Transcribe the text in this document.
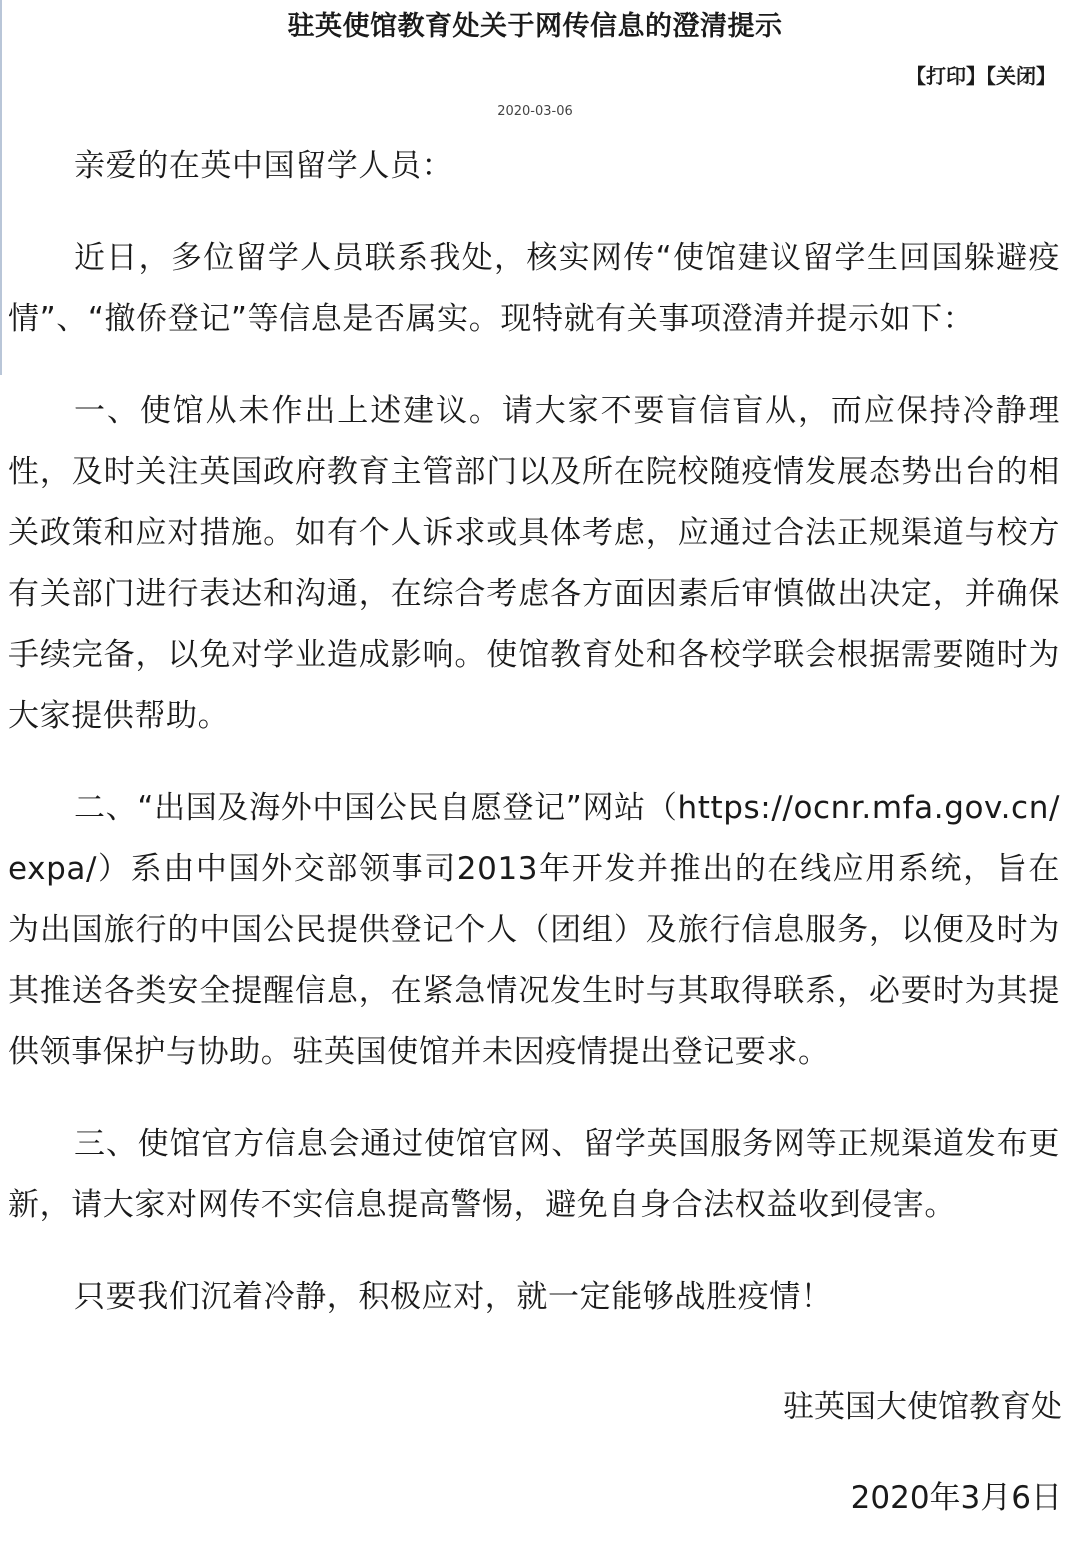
驻英使馆教育处关于网传信息的澄清提示
【打印】【关闭】
2020-03-06

亲爱的在英中国留学人员：

近日，多位留学人员联系我处，核实网传“使馆建议留学生回国躲避疫情”、“撤侨登记”等信息是否属实。现特就有关事项澄清并提示如下：

一、使馆从未作出上述建议。请大家不要盲信盲从，而应保持冷静理性，及时关注英国政府教育主管部门以及所在院校随疫情发展态势出台的相关政策和应对措施。如有个人诉求或具体考虑，应通过合法正规渠道与校方有关部门进行表达和沟通，在综合考虑各方面因素后审慎做出决定，并确保手续完备，以免对学业造成影响。使馆教育处和各校学联会根据需要随时为大家提供帮助。

二、“出国及海外中国公民自愿登记”网站（https://ocnr.mfa.gov.cn/expa/）系由中国外交部领事司2013年开发并推出的在线应用系统，旨在为出国旅行的中国公民提供登记个人（团组）及旅行信息服务，以便及时为其推送各类安全提醒信息，在紧急情况发生时与其取得联系，必要时为其提供领事保护与协助。驻英国使馆并未因疫情提出登记要求。

三、使馆官方信息会通过使馆官网、留学英国服务网等正规渠道发布更新，请大家对网传不实信息提高警惕，避免自身合法权益收到侵害。

只要我们沉着冷静，积极应对，就一定能够战胜疫情！

驻英国大使馆教育处
2020年3月6日
